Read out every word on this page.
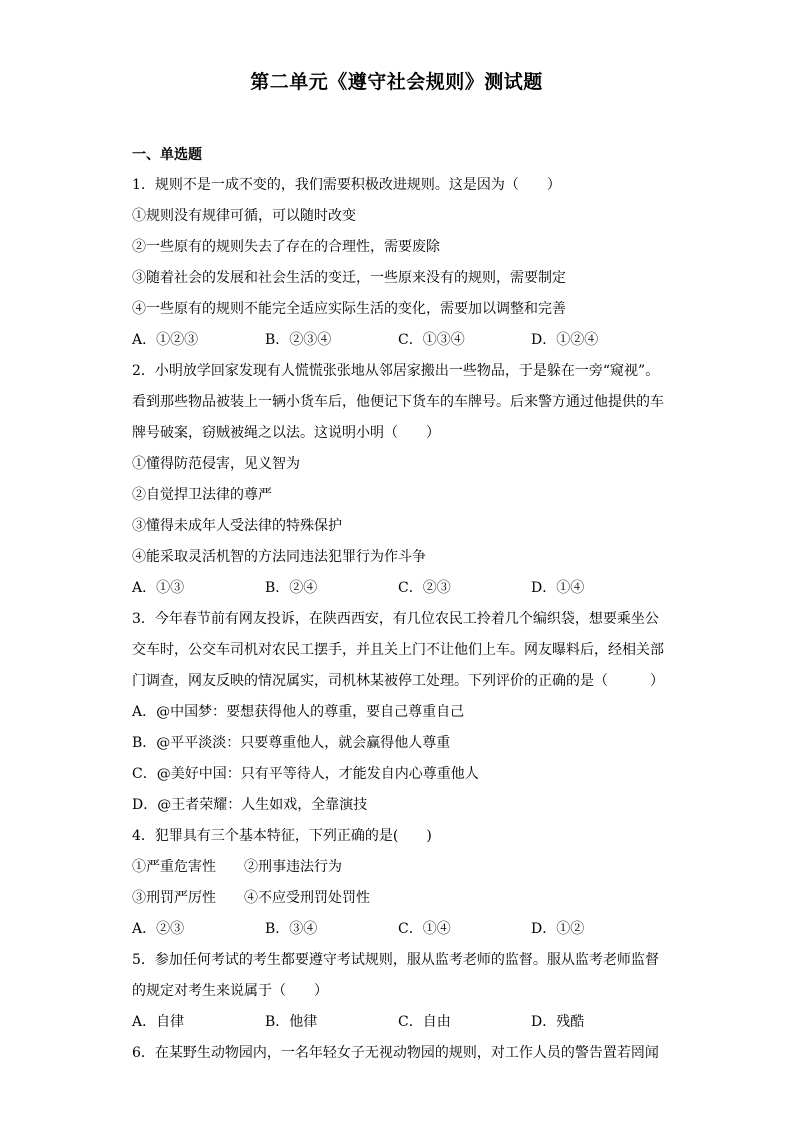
第二单元《遵守社会规则》测试题
一、单选题
1．规则不是一成不变的，我们需要积极改进规则。这是因为（　　）
①规则没有规律可循，可以随时改变
②一些原有的规则失去了存在的合理性，需要废除
③随着社会的发展和社会生活的变迁，一些原来没有的规则，需要制定
④一些原有的规则不能完全适应实际生活的变化，需要加以调整和完善
A．①②③	B．②③④	C．①③④	D．①②④
2．小明放学回家发现有人慌慌张张地从邻居家搬出一些物品，于是躲在一旁“窥视”。
看到那些物品被装上一辆小货车后，他便记下货车的车牌号。后来警方通过他提供的车
牌号破案，窃贼被绳之以法。这说明小明（　　）
①懂得防范侵害，见义智为
②自觉捍卫法律的尊严
③懂得未成年人受法律的特殊保护
④能采取灵活机智的方法同违法犯罪行为作斗争
A．①③	B．②④	C．②③	D．①④
3．今年春节前有网友投诉，在陕西西安，有几位农民工拎着几个编织袋，想要乘坐公
交车时，公交车司机对农民工摆手，并且关上门不让他们上车。网友曝料后，经相关部
门调查，网友反映的情况属实，司机林某被停工处理。下列评价的正确的是（　　　）
A．@中国梦：要想获得他人的尊重，要自己尊重自己
B．@平平淡淡：只要尊重他人，就会赢得他人尊重
C．@美好中国：只有平等待人，才能发自内心尊重他人
D．@王者荣耀：人生如戏，全靠演技
4．犯罪具有三个基本特征，下列正确的是(　　)
①严重危害性	②刑事违法行为
③刑罚严厉性	④不应受刑罚处罚性
A．②③	B．③④	C．①④	D．①②
5．参加任何考试的考生都要遵守考试规则，服从监考老师的监督。服从监考老师监督
的规定对考生来说属于（　　）
A．自律	B．他律	C．自由	D．残酷
6．在某野生动物园内，一名年轻女子无视动物园的规则，对工作人员的警告置若罔闻
